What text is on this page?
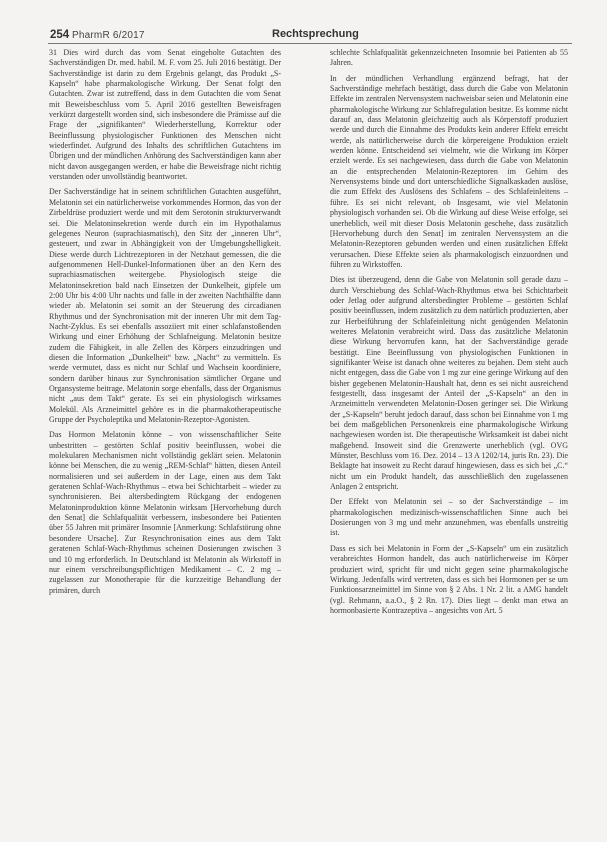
254 PharmR 6/2017	Rechtsprechung

31 Dies wird durch das vom Senat eingeholte Gutachten des Sachverständigen Dr. med. habil. M. F. vom 25. Juli 2016 bestätigt. Der Sachverständige ist darin zu dem Ergebnis gelangt, das Produkt „S-Kapseln“ habe pharmakologische Wirkung. Der Senat folgt den Gutachten. Zwar ist zutreffend, dass in dem Gutachten die vom Senat mit Beweisbeschluss vom 5. April 2016 gestellten Beweisfragen verkürzt dargestellt worden sind, sich insbesondere die Prämisse auf die Frage der „signifikanten“ Wiederherstellung, Korrektur oder Beeinflussung physiologischer Funktionen des Menschen nicht wiederfindet. Aufgrund des Inhalts des schriftlichen Gutachtens im Übrigen und der mündlichen Anhörung des Sachverständigen kann aber nicht davon ausgegangen werden, er habe die Beweisfrage nicht richtig verstanden oder unvollständig beantwortet.

Der Sachverständige hat in seinem schriftlichen Gutachten ausgeführt, Melatonin sei ein natürlicherweise vorkommendes Hormon, das von der Zirbeldrüse produziert werde und mit dem Serotonin strukturverwandt sei. Die Melatoninsekretion werde durch ein im Hypothalamus gelegenes Neuron (suprachiasmatisch), den Sitz der „inneren Uhr“, gesteuert, und zwar in Abhängigkeit von der Umgebungshelligkeit. Diese werde durch Lichtrezeptoren in der Netzhaut gemessen, die die aufgenommenen Hell-Dunkel-Informationen über an den Kern des suprachiasmatischen weitergebe. Physiologisch steige die Melatoninsekretion bald nach Einsetzen der Dunkelheit, gipfele um 2:00 Uhr bis 4:00 Uhr nachts und falle in der zweiten Nachthälfte dann wieder ab. Melatonin sei somit an der Steuerung des circadianen Rhythmus und der Synchronisation mit der inneren Uhr mit dem Tag-Nacht-Zyklus. Es sei ebenfalls assoziiert mit einer schlafanstoßenden Wirkung und einer Erhöhung der Schlafneigung. Melatonin besitze zudem die Fähigkeit, in alle Zellen des Körpers einzudringen und diesen die Information „Dunkelheit“ bzw. „Nacht“ zu vermitteln. Es werde vermutet, dass es nicht nur Schlaf und Wachsein koordiniere, sondern darüber hinaus zur Synchronisation sämtlicher Organe und Organsysteme beitrage. Melatonin sorge ebenfalls, dass der Organismus nicht „aus dem Takt“ gerate. Es sei ein physiologisch wirksames Molekül. Als Arzneimittel gehöre es in die pharmakotherapeutische Gruppe der Psycholeptika und Melatonin-Rezeptor-Agonisten.

Das Hormon Melatonin könne – von wissenschaftlicher Seite unbestritten – gestörten Schlaf positiv beeinflussen, wobei die molekularen Mechanismen nicht vollständig geklärt seien. Melatonin könne bei Menschen, die zu wenig „REM-Schlaf“ hätten, diesen Anteil normalisieren und sei außerdem in der Lage, einen aus dem Takt geratenen Schlaf-Wach-Rhythmus – etwa bei Schichtarbeit – wieder zu synchronisieren. Bei altersbedingtem Rückgang der endogenen Melatoninproduktion könne Melatonin wirksam [Hervorhebung durch den Senat] die Schlafqualität verbessern, insbesondere bei Patienten über 55 Jahren mit primärer Insomnie [Anmerkung: Schlafstörung ohne besondere Ursache]. Zur Resynchronisation eines aus dem Takt geratenen Schlaf-Wach-Rhythmus scheinen Dosierungen zwischen 3 und 10 mg erforderlich. In Deutschland ist Melatonin als Wirkstoff in nur einem verschreibungspflichtigen Medikament – C. 2 mg – zugelassen zur Monotherapie für die kurzzeitige Behandlung der primären, durch

schlechte Schlafqualität gekennzeichneten Insomnie bei Patienten ab 55 Jahren.

In der mündlichen Verhandlung ergänzend befragt, hat der Sachverständige mehrfach bestätigt, dass durch die Gabe von Melatonin Effekte im zentralen Nervensystem nachweisbar seien und Melatonin eine pharmakologische Wirkung zur Schlafregulation besitze. Es komme nicht darauf an, dass Melatonin gleichzeitig auch als Körperstoff produziert werde und durch die Einnahme des Produkts kein anderer Effekt erreicht werde, als natürlicherweise durch die körpereigene Produktion erzielt werden könne. Entscheidend sei vielmehr, wie die Wirkung im Körper erzielt werde. Es sei nachgewiesen, dass durch die Gabe von Melatonin an die entsprechenden Melatonin-Rezeptoren im Gehirn des Nervensystems binde und dort unterschiedliche Signalkaskaden auslöse, die zum Effekt des Auslösens des Schlafens – des Schlafeinleitens – führe. Es sei nicht relevant, ob Insgesamt, wie viel Melatonin physiologisch vorhanden sei. Ob die Wirkung auf diese Weise erfolge, sei unerheblich, weil mit dieser Dosis Melatonin geschehe, dass zusätzlich [Hervorhebung durch den Senat] im zentralen Nervensystem an die Melatonin-Rezeptoren gebunden werden und einen zusätzlichen Effekt verursachen. Diese Effekte seien als pharmakologisch einzuordnen und führen zu Wirkstoffen.

Dies ist überzeugend, denn die Gabe von Melatonin soll gerade dazu – durch Verschiebung des Schlaf-Wach-Rhythmus etwa bei Schichtarbeit oder Jetlag oder aufgrund altersbedingter Probleme – gestörten Schlaf positiv beeinflussen, indem zusätzlich zu dem natürlich produzierten, aber zur Herbeiführung der Schlafeinleitung nicht genügenden Melatonin weiteres Melatonin verabreicht wird. Dass das zusätzliche Melatonin diese Wirkung hervorrufen kann, hat der Sachverständige gerade bestätigt. Eine Beeinflussung von physiologischen Funktionen in signifikanter Weise ist danach ohne weiteres zu bejahen. Dem steht auch nicht entgegen, dass die Gabe von 1 mg zur eine geringe Wirkung auf den bisher gegebenen Melatonin-Haushalt hat, denn es sei nicht ausreichend festgestellt, dass insgesamt der Anteil der „S-Kapseln“ an den in Arzneimitteln verwendeten Melatonin-Dosen geringer sei. Die Wirkung der „S-Kapseln“ beruht jedoch darauf, dass schon bei Einnahme von 1 mg bei dem maßgeblichen Personenkreis eine pharmakologische Wirkung nachgewiesen worden ist. Die therapeutische Wirksamkeit ist dabei nicht maßgebend. Insoweit sind die Grenzwerte unerheblich (vgl. OVG Münster, Beschluss vom 16. Dez. 2014 – 13 A 1202/14, juris Rn. 23). Die Beklagte hat insoweit zu Recht darauf hingewiesen, dass es sich bei „C.“ nicht um ein Produkt handelt, das ausschließlich den zugelassenen Anlagen 2 entspricht.

Der Effekt von Melatonin sei – so der Sachverständige – im pharmakologischen medizinisch-wissenschaftlichen Sinne auch bei Dosierungen von 3 mg und mehr anzunehmen, was ebenfalls unstreitig ist.

Dass es sich bei Melatonin in Form der „S-Kapseln“ um ein zusätzlich verabreichtes Hormon handelt, das auch natürlicherweise im Körper produziert wird, spricht für und nicht gegen seine pharmakologische Wirkung. Jedenfalls wird vertreten, dass es sich bei Hormonen per se um Funktionsarzneimittel im Sinne von § 2 Abs. 1 Nr. 2 lit. a AMG handelt (vgl. Rehmann, a.a.O., § 2 Rn. 17). Dies liegt – denkt man etwa an hormonbasierte Kontrazeptiva – angesichts von Art. 5
